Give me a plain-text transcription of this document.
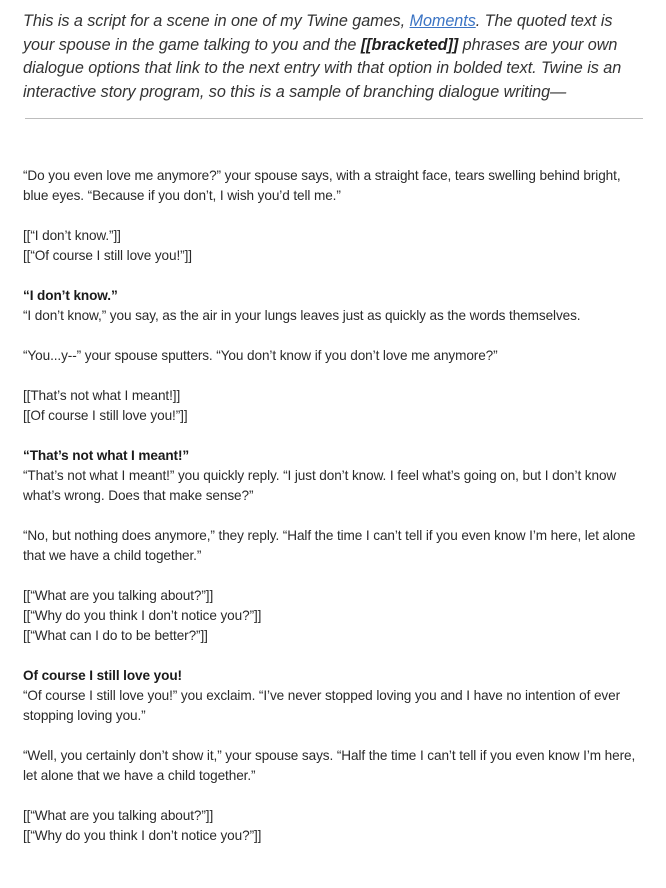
This is a script for a scene in one of my Twine games, Moments. The quoted text is your spouse in the game talking to you and the [[bracketed]] phrases are your own dialogue options that link to the next entry with that option in bolded text. Twine is an interactive story program, so this is a sample of branching dialogue writing—

“Do you even love me anymore?” your spouse says, with a straight face, tears swelling behind bright, blue eyes. “Because if you don’t, I wish you’d tell me.”

[[“I don’t know.”]]

[[“Of course I still love you!”]]

“I don’t know.”

“I don’t know,” you say, as the air in your lungs leaves just as quickly as the words themselves.

“You...y--” your spouse sputters. “You don’t know if you don’t love me anymore?”

[[That’s not what I meant!]]

[[Of course I still love you!”]]

“That’s not what I meant!”

“That’s not what I meant!” you quickly reply. “I just don’t know. I feel what’s going on, but I don’t know what’s wrong. Does that make sense?”

“No, but nothing does anymore,” they reply. “Half the time I can’t tell if you even know I’m here, let alone that we have a child together.”

[[“What are you talking about?”]]

[[“Why do you think I don’t notice you?”]]

[[“What can I do to be better?”]]

Of course I still love you!

“Of course I still love you!” you exclaim. “I’ve never stopped loving you and I have no intention of ever stopping loving you.”

“Well, you certainly don’t show it,” your spouse says. “Half the time I can’t tell if you even know I’m here, let alone that we have a child together.”

[[“What are you talking about?”]]

[[“Why do you think I don’t notice you?”]]
